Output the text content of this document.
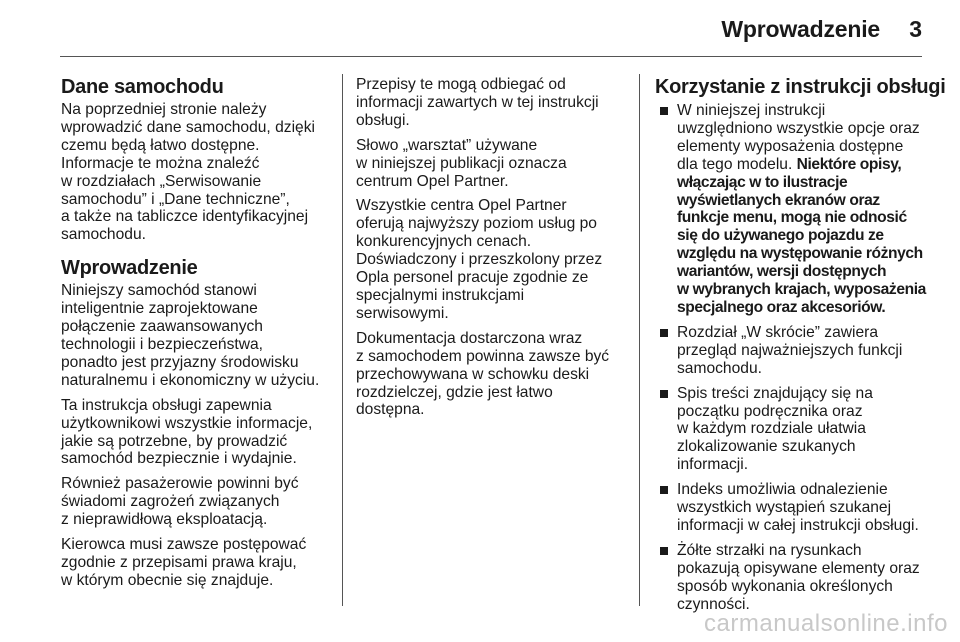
Wprowadzenie 3
Dane samochodu

Na poprzedniej stronie należy
wprowadzić dane samochodu, dzięki
czemu będą łatwo dostępne.
Informacje te można znaleźć
w rozdziałach „Serwisowanie
samochodu” i „Dane techniczne”,
a także na tabliczce identyfikacyjnej
samochodu.

Wprowadzenie

Niniejszy samochód stanowi
inteligentnie zaprojektowane
połączenie zaawansowanych
technologii i bezpieczeństwa,
ponadto jest przyjazny środowisku
naturalnemu i ekonomiczny w użyciu.

Ta instrukcja obsługi zapewnia
użytkownikowi wszystkie informacje,
jakie są potrzebne, by prowadzić
samochód bezpiecznie i wydajnie.

Również pasażerowie powinni być
świadomi zagrożeń związanych
z nieprawidłową eksploatacją.

Kierowca musi zawsze postępować
zgodnie z przepisami prawa kraju,
w którym obecnie się znajduje.

Przepisy te mogą odbiegać od
informacji zawartych w tej instrukcji
obsługi.

Słowo „warsztat” używane
w niniejszej publikacji oznacza
centrum Opel Partner.

Wszystkie centra Opel Partner
oferują najwyższy poziom usług po
konkurencyjnych cenach.
Doświadczony i przeszkolony przez
Opla personel pracuje zgodnie ze
specjalnymi instrukcjami
serwisowymi.

Dokumentacja dostarczona wraz
z samochodem powinna zawsze być
przechowywana w schowku deski
rozdzielczej, gdzie jest łatwo
dostępna.

Korzystanie z instrukcji obsługi
W niniejszej instrukcji
uwzględniono wszystkie opcje oraz
elementy wyposażenia dostępne
dla tego modelu. Niektóre opisy,
włączając w to ilustracje
wyświetlanych ekranów oraz
funkcje menu, mogą nie odnosić
się do używanego pojazdu ze
względu na występowanie różnych
wariantów, wersji dostępnych
w wybranych krajach, wyposażenia
specjalnego oraz akcesoriów.
Rozdział „W skrócie” zawiera
przegląd najważniejszych funkcji
samochodu.
Spis treści znajdujący się na
początku podręcznika oraz
w każdym rozdziale ułatwia
zlokalizowanie szukanych
informacji.
Indeks umożliwia odnalezienie
wszystkich wystąpień szukanej
informacji w całej instrukcji obsługi.
Żółte strzałki na rysunkach
pokazują opisywane elementy oraz
sposób wykonania określonych
czynności.
carmanualsonline.info
